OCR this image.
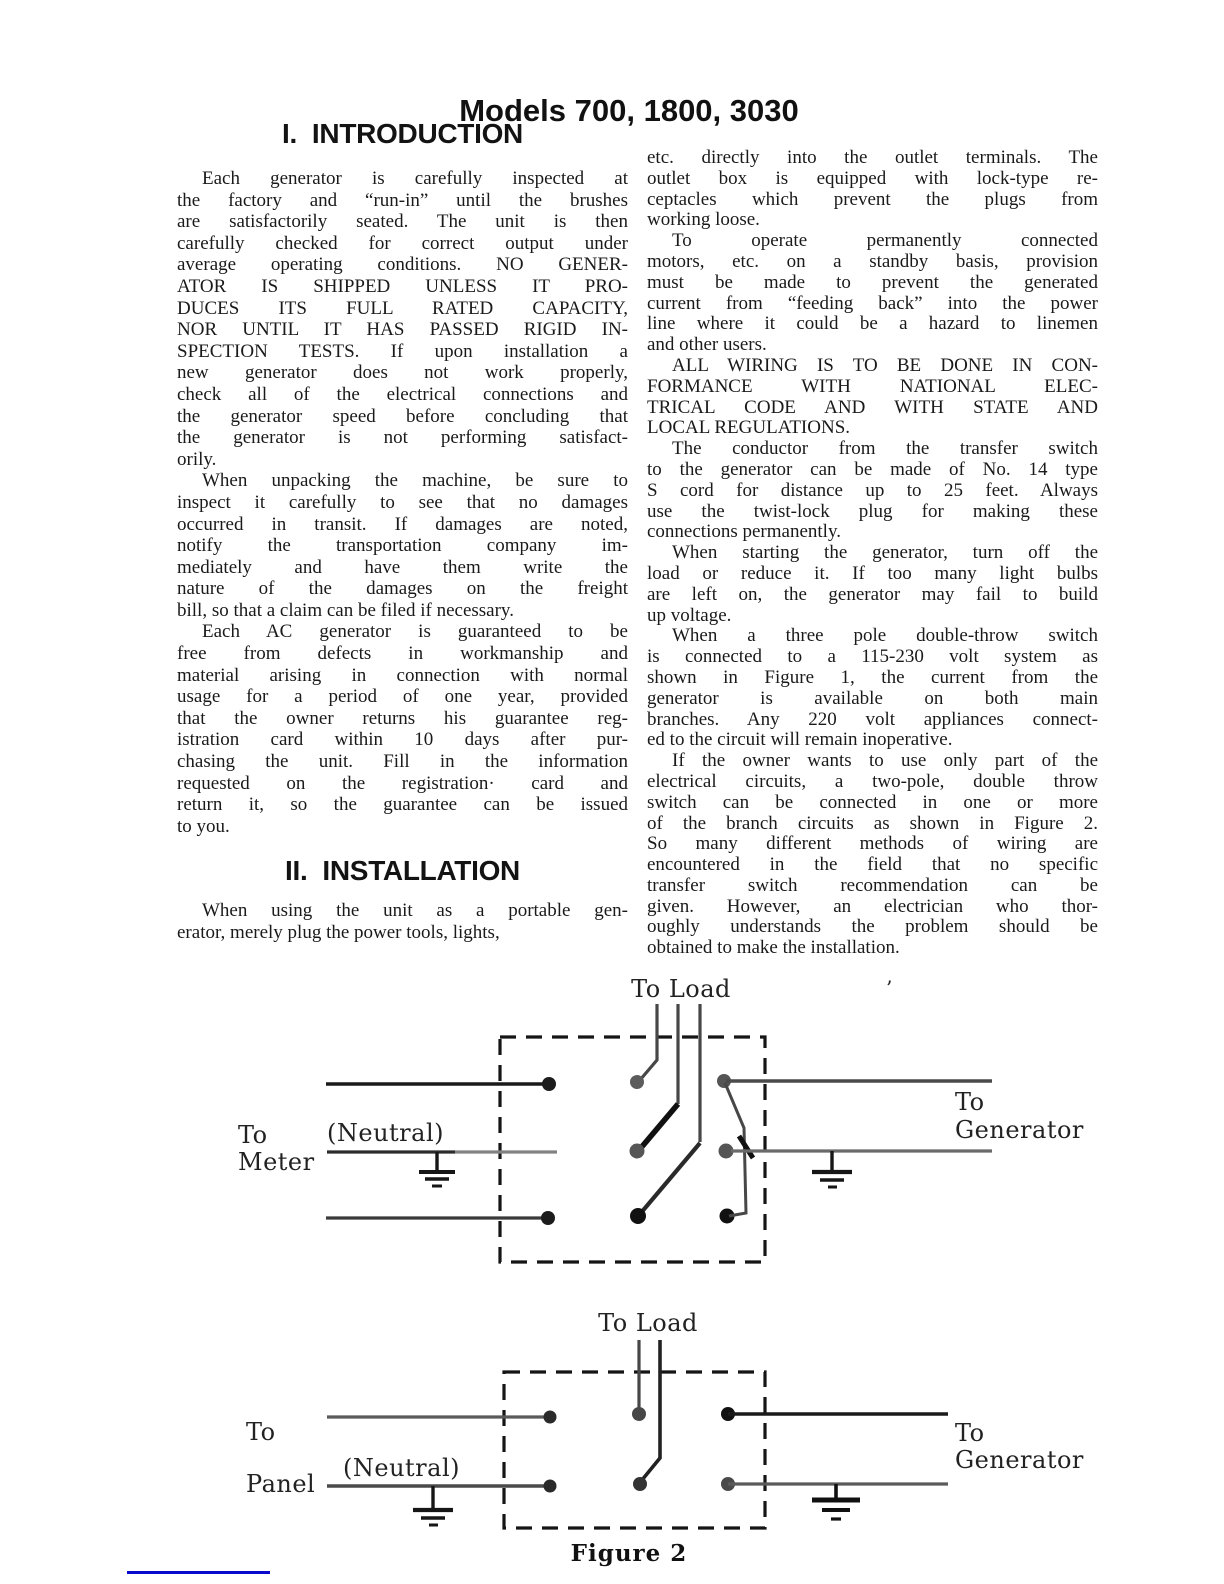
Models 700, 1800, 3030
I.  INTRODUCTION
Each generator is carefully inspected at
the factory and “run-in” until the brushes
are satisfactorily seated. The unit is then
carefully checked for correct output under
average operating conditions. NO GENER-
ATOR IS SHIPPED UNLESS IT PRO-
DUCES ITS FULL RATED CAPACITY,
NOR UNTIL IT HAS PASSED RIGID IN-
SPECTION TESTS. If upon installation a
new generator does not work properly,
check all of the electrical connections and
the generator speed before concluding that
the generator is not performing satisfact-
orily.
When unpacking the machine, be sure to
inspect it carefully to see that no damages
occurred in transit. If damages are noted,
notify the transportation company im-
mediately and have them write the
nature of the damages on the freight
bill, so that a claim can be filed if necessary.
Each AC generator is guaranteed to be
free from defects in workmanship and
material arising in connection with normal
usage for a period of one year, provided
that the owner returns his guarantee reg-
istration card within 10 days after pur-
chasing the unit. Fill in the information
requested on the registration· card and
return it, so the guarantee can be issued
to you.
II.  INSTALLATION
When using the unit as a portable gen-
erator, merely plug the power tools, lights,
etc. directly into the outlet terminals. The
outlet box is equipped with lock-type re-
ceptacles which prevent the plugs from
working loose.
To operate permanently connected
motors, etc. on a standby basis, provision
must be made to prevent the generated
current from “feeding back” into the power
line where it could be a hazard to linemen
and other users.
ALL WIRING IS TO BE DONE IN CON-
FORMANCE WITH NATIONAL ELEC-
TRICAL CODE AND WITH STATE AND
LOCAL REGULATIONS.
The conductor from the transfer switch
to the generator can be made of No. 14 type
S cord for distance up to 25 feet. Always
use the twist-lock plug for making these
connections permanently.
When starting the generator, turn off the
load or reduce it. If too many light bulbs
are left on, the generator may fail to build
up voltage.
When a three pole double-throw switch
is connected to a 115-230 volt system as
shown in Figure 1, the current from the
generator is available on both main
branches. Any 220 volt appliances connect-
ed to the circuit will remain inoperative.
If the owner wants to use only part of the
electrical circuits, a two-pole, double throw
switch can be connected in one or more
of the branch circuits as shown in Figure 2.
So many different methods of wiring are
encountered in the field that no specific
transfer switch recommendation can be
given. However, an electrician who thor-
oughly understands the problem should be
obtained to make the installation.
To Load
To
Meter
(Neutral)
To
Generator
’
To Load
To
Panel
(Neutral)
To
Generator
Figure 2
